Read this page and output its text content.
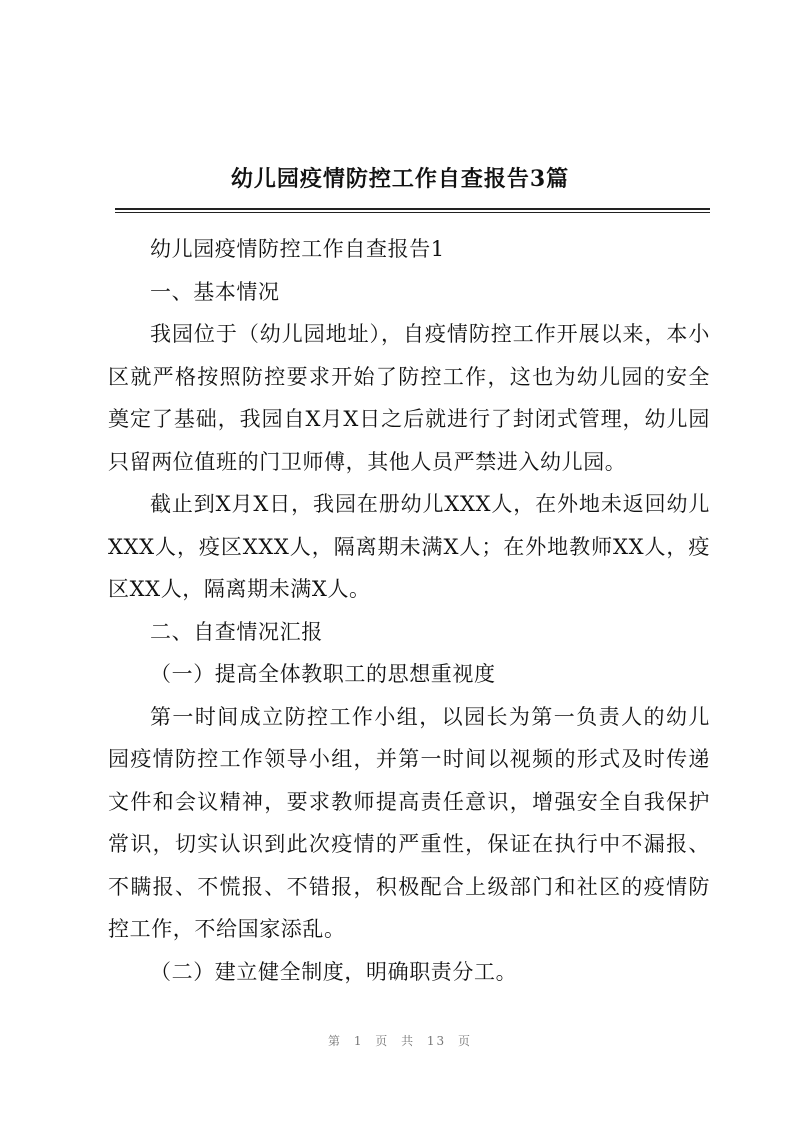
幼儿园疫情防控工作自查报告3篇

幼儿园疫情防控工作自查报告1

一、基本情况

我园位于（幼儿园地址），自疫情防控工作开展以来，本小区就严格按照防控要求开始了防控工作，这也为幼儿园的安全奠定了基础，我园自X月X日之后就进行了封闭式管理，幼儿园只留两位值班的门卫师傅，其他人员严禁进入幼儿园。

截止到X月X日，我园在册幼儿XXX人，在外地未返回幼儿XXX人，疫区XXX人，隔离期未满X人；在外地教师XX人，疫区XX人，隔离期未满X人。

二、自查情况汇报

（一）提高全体教职工的思想重视度

第一时间成立防控工作小组，以园长为第一负责人的幼儿园疫情防控工作领导小组，并第一时间以视频的形式及时传递文件和会议精神，要求教师提高责任意识，增强安全自我保护常识，切实认识到此次疫情的严重性，保证在执行中不漏报、不瞒报、不慌报、不错报，积极配合上级部门和社区的疫情防控工作，不给国家添乱。

（二）建立健全制度，明确职责分工。

第 1 页 共 13 页
